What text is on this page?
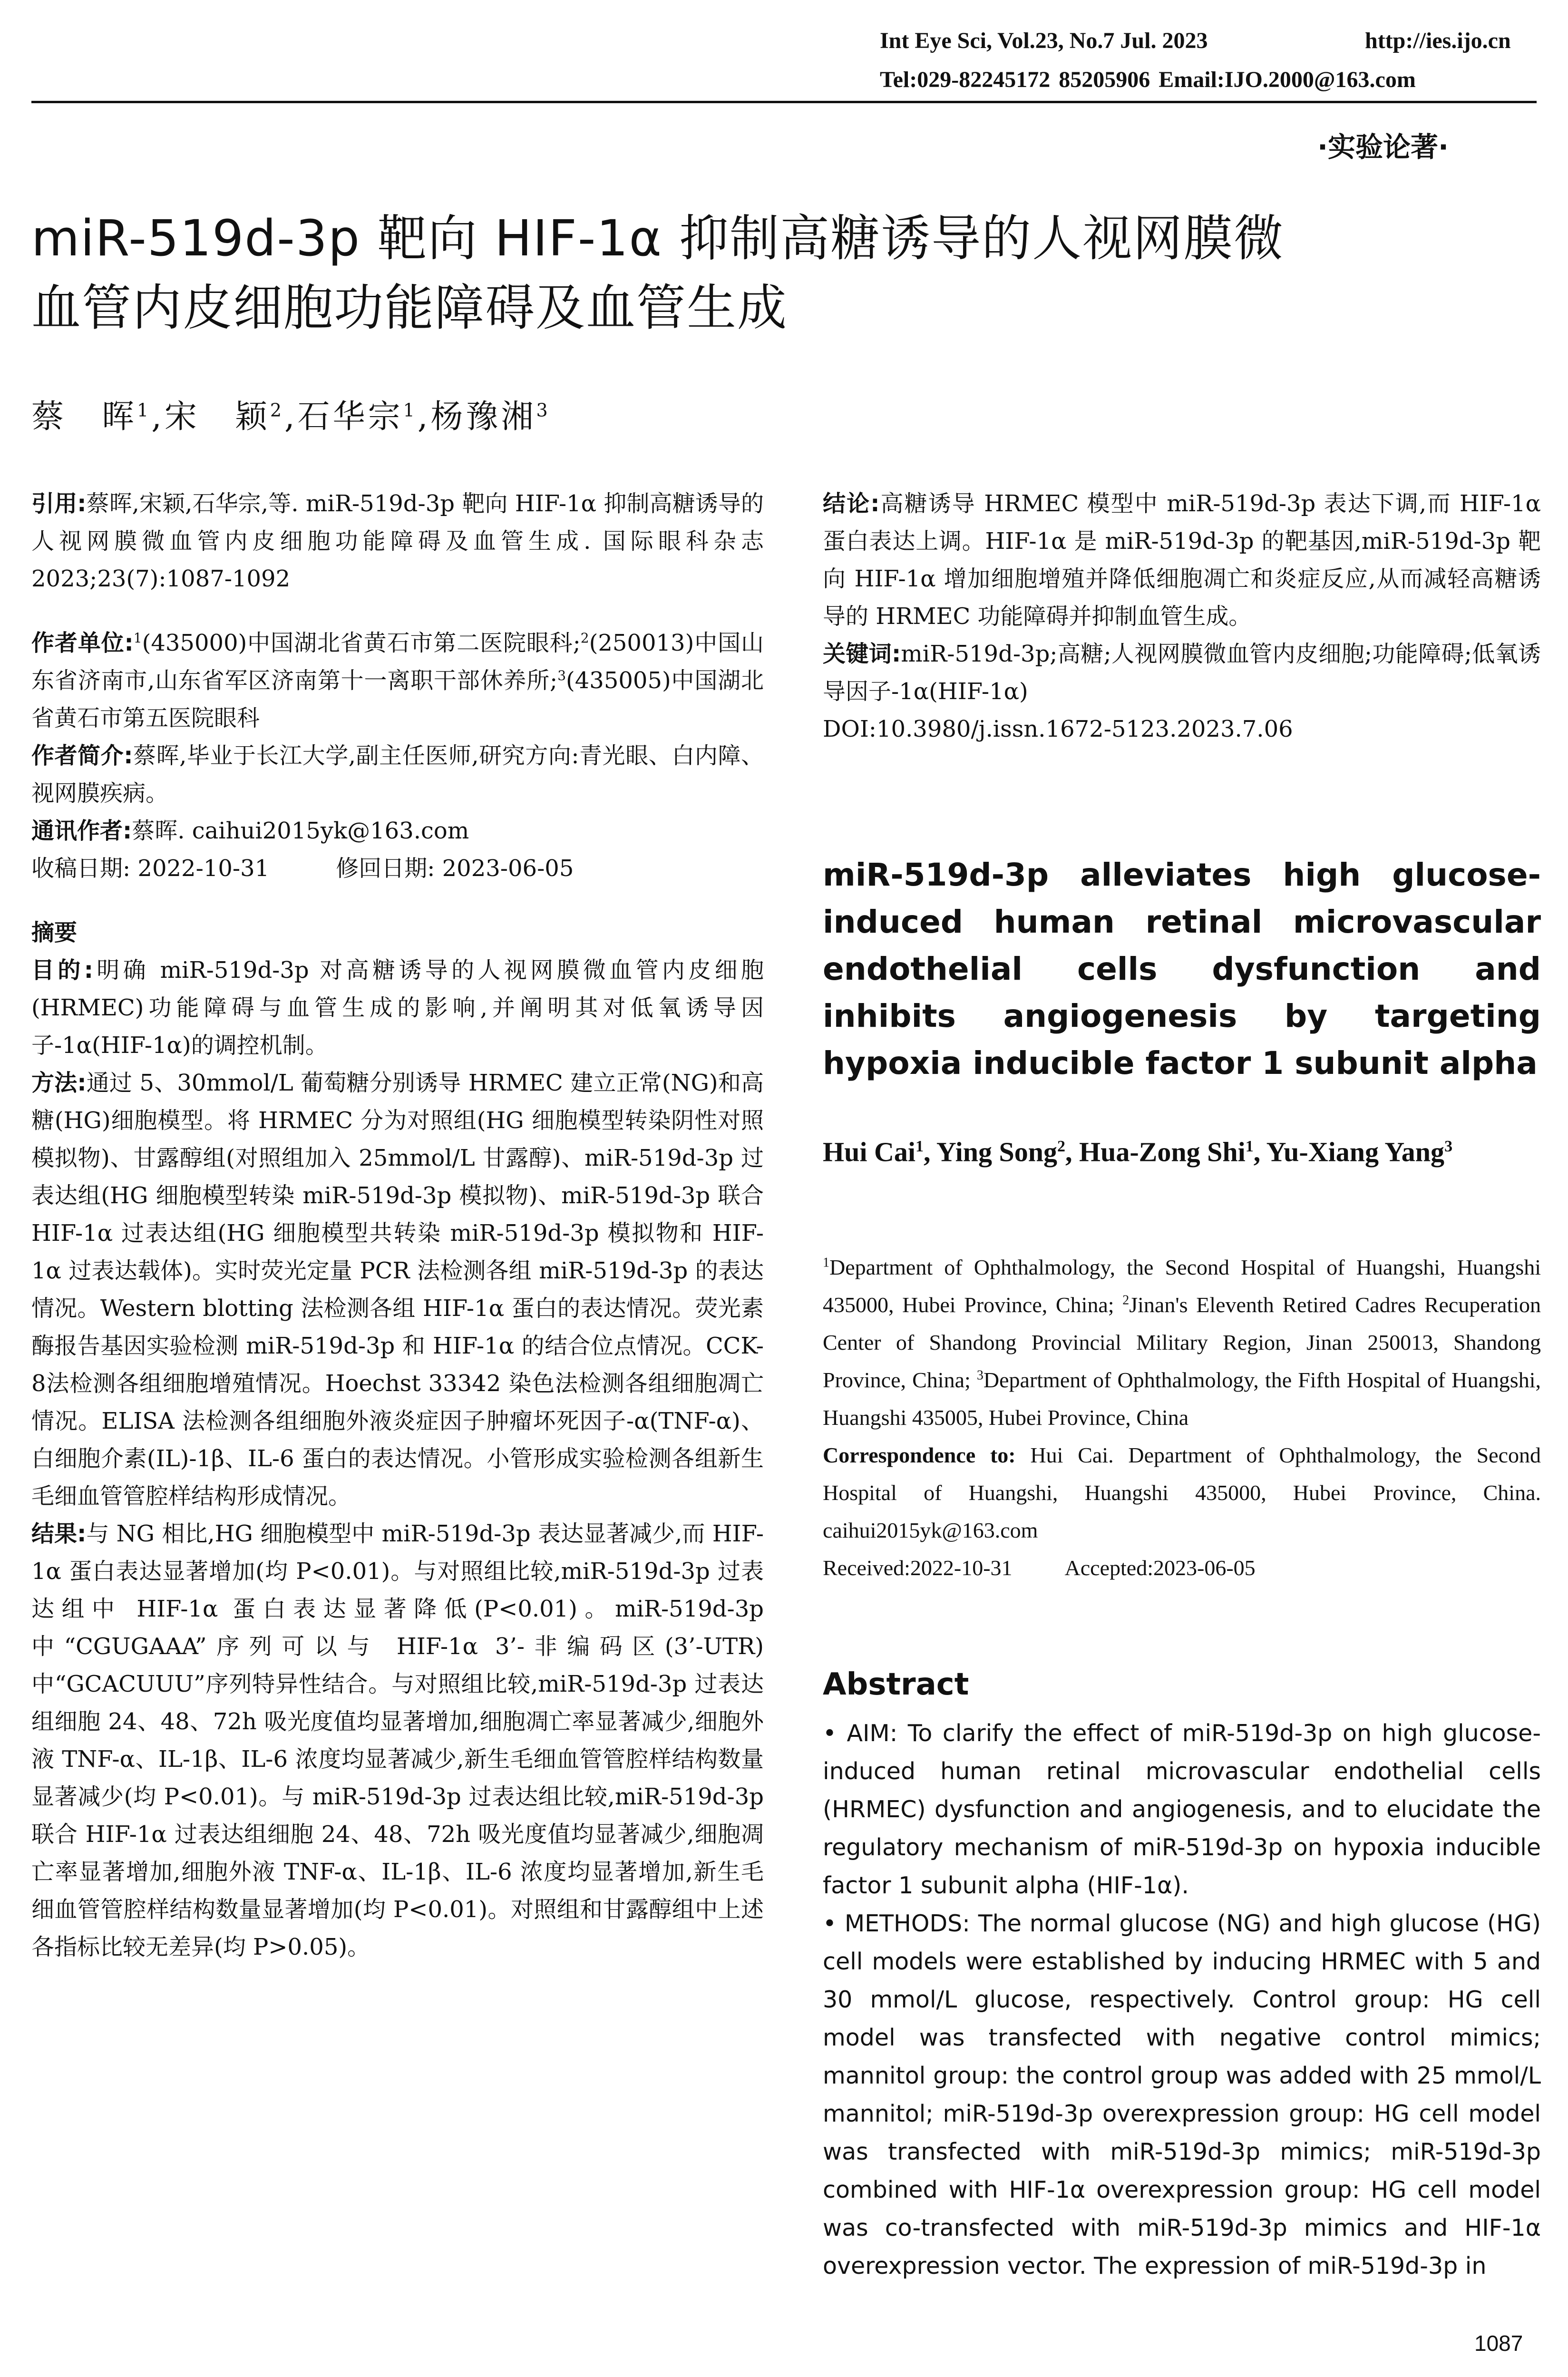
Int Eye Sci, Vol.23, No.7 Jul. 2023	http://ies.ijo.cn
Tel:029-82245172 85205906 Email:IJO.2000@163.com
·实验论著·
miR-519d-3p 靶向 HIF-1α 抑制高糖诱导的人视网膜微
血管内皮细胞功能障碍及血管生成
蔡　晖$^1$,宋　颖$^2$,石华宗$^1$,杨豫湘$^3$

引用:蔡晖,宋颖,石华宗,等. miR-519d-3p 靶向 HIF-1α 抑制高糖诱导的人视网膜微血管内皮细胞功能障碍及血管生成. 国际眼科杂志 2023;23(7):1087-1092

作者单位:$^1$(435000)中国湖北省黄石市第二医院眼科;$^2$(250013)中国山东省济南市,山东省军区济南第十一离职干部休养所;$^3$(435005)中国湖北省黄石市第五医院眼科

作者简介:蔡晖,毕业于长江大学,副主任医师,研究方向:青光眼、白内障、视网膜疾病。

通讯作者:蔡晖. caihui2015yk@163.com

收稿日期: 2022-10-31	修回日期: 2023-06-05

摘要

目的:明确 miR-519d-3p 对高糖诱导的人视网膜微血管内皮细胞(HRMEC)功能障碍与血管生成的影响,并阐明其对低氧诱导因子-1α(HIF-1α)的调控机制。

方法:通过 5、30mmol/L 葡萄糖分别诱导 HRMEC 建立正常(NG)和高糖(HG)细胞模型。将 HRMEC 分为对照组(HG 细胞模型转染阴性对照模拟物)、甘露醇组(对照组加入 25mmol/L 甘露醇)、miR-519d-3p 过表达组(HG 细胞模型转染 miR-519d-3p 模拟物)、miR-519d-3p 联合 HIF-1α 过表达组(HG 细胞模型共转染 miR-519d-3p 模拟物和 HIF-1α 过表达载体)。实时荧光定量 PCR 法检测各组 miR-519d-3p 的表达情况。Western blotting 法检测各组 HIF-1α 蛋白的表达情况。荧光素酶报告基因实验检测 miR-519d-3p 和 HIF-1α 的结合位点情况。CCK-8法检测各组细胞增殖情况。Hoechst 33342 染色法检测各组细胞凋亡情况。ELISA 法检测各组细胞外液炎症因子肿瘤坏死因子-α(TNF-α)、白细胞介素(IL)-1β、IL-6 蛋白的表达情况。小管形成实验检测各组新生毛细血管管腔样结构形成情况。

结果:与 NG 相比,HG 细胞模型中 miR-519d-3p 表达显著减少,而 HIF-1α 蛋白表达显著增加(均 P<0.01)。与对照组比较,miR-519d-3p 过表达组中 HIF-1α 蛋白表达显著降低(P<0.01)。miR-519d-3p 中“CGUGAAA”序列可以与 HIF-1α 3’-非编码区(3’-UTR)中“GCACUUU”序列特异性结合。与对照组比较,miR-519d-3p 过表达组细胞 24、48、72h 吸光度值均显著增加,细胞凋亡率显著减少,细胞外液 TNF-α、IL-1β、IL-6 浓度均显著减少,新生毛细血管管腔样结构数量显著减少(均 P<0.01)。与 miR-519d-3p 过表达组比较,miR-519d-3p 联合 HIF-1α 过表达组细胞 24、48、72h 吸光度值均显著减少,细胞凋亡率显著增加,细胞外液 TNF-α、IL-1β、IL-6 浓度均显著增加,新生毛细血管管腔样结构数量显著增加(均 P<0.01)。对照组和甘露醇组中上述各指标比较无差异(均 P>0.05)。

结论:高糖诱导 HRMEC 模型中 miR-519d-3p 表达下调,而 HIF-1α 蛋白表达上调。HIF-1α 是 miR-519d-3p 的靶基因,miR-519d-3p 靶向 HIF-1α 增加细胞增殖并降低细胞凋亡和炎症反应,从而减轻高糖诱导的 HRMEC 功能障碍并抑制血管生成。

关键词:miR-519d-3p;高糖;人视网膜微血管内皮细胞;功能障碍;低氧诱导因子-1α(HIF-1α)

DOI:10.3980/j.issn.1672-5123.2023.7.06

miR-519d-3p alleviates high glucose-induced human retinal microvascular endothelial cells dysfunction and inhibits angiogenesis by targeting hypoxia inducible factor 1 subunit alpha
Hui Cai$^1$, Ying Song$^2$, Hua-Zong Shi$^1$, Yu-Xiang Yang$^3$
$^1$Department of Ophthalmology, the Second Hospital of Huangshi, Huangshi 435000, Hubei Province, China; $^2$Jinan's Eleventh Retired Cadres Recuperation Center of Shandong Provincial Military Region, Jinan 250013, Shandong Province, China; $^3$Department of Ophthalmology, the Fifth Hospital of Huangshi, Huangshi 435005, Hubei Province, China
Correspondence to: Hui Cai. Department of Ophthalmology, the Second Hospital of Huangshi, Huangshi 435000, Hubei Province, China. caihui2015yk@163.com
Received:2022-10-31 Accepted:2023-06-05
Abstract

• AIM: To clarify the effect of miR-519d-3p on high glucose-induced human retinal microvascular endothelial cells (HRMEC) dysfunction and angiogenesis, and to elucidate the regulatory mechanism of miR-519d-3p on hypoxia inducible factor 1 subunit alpha (HIF-1α).

• METHODS: The normal glucose (NG) and high glucose (HG) cell models were established by inducing HRMEC with 5 and 30 mmol/L glucose, respectively. Control group: HG cell model was transfected with negative control mimics; mannitol group: the control group was added with 25 mmol/L mannitol; miR-519d-3p overexpression group: HG cell model was transfected with miR-519d-3p mimics; miR-519d-3p combined with HIF-1α overexpression group: HG cell model was co-transfected with miR-519d-3p mimics and HIF-1α overexpression vector. The expression of miR-519d-3p in

1087
